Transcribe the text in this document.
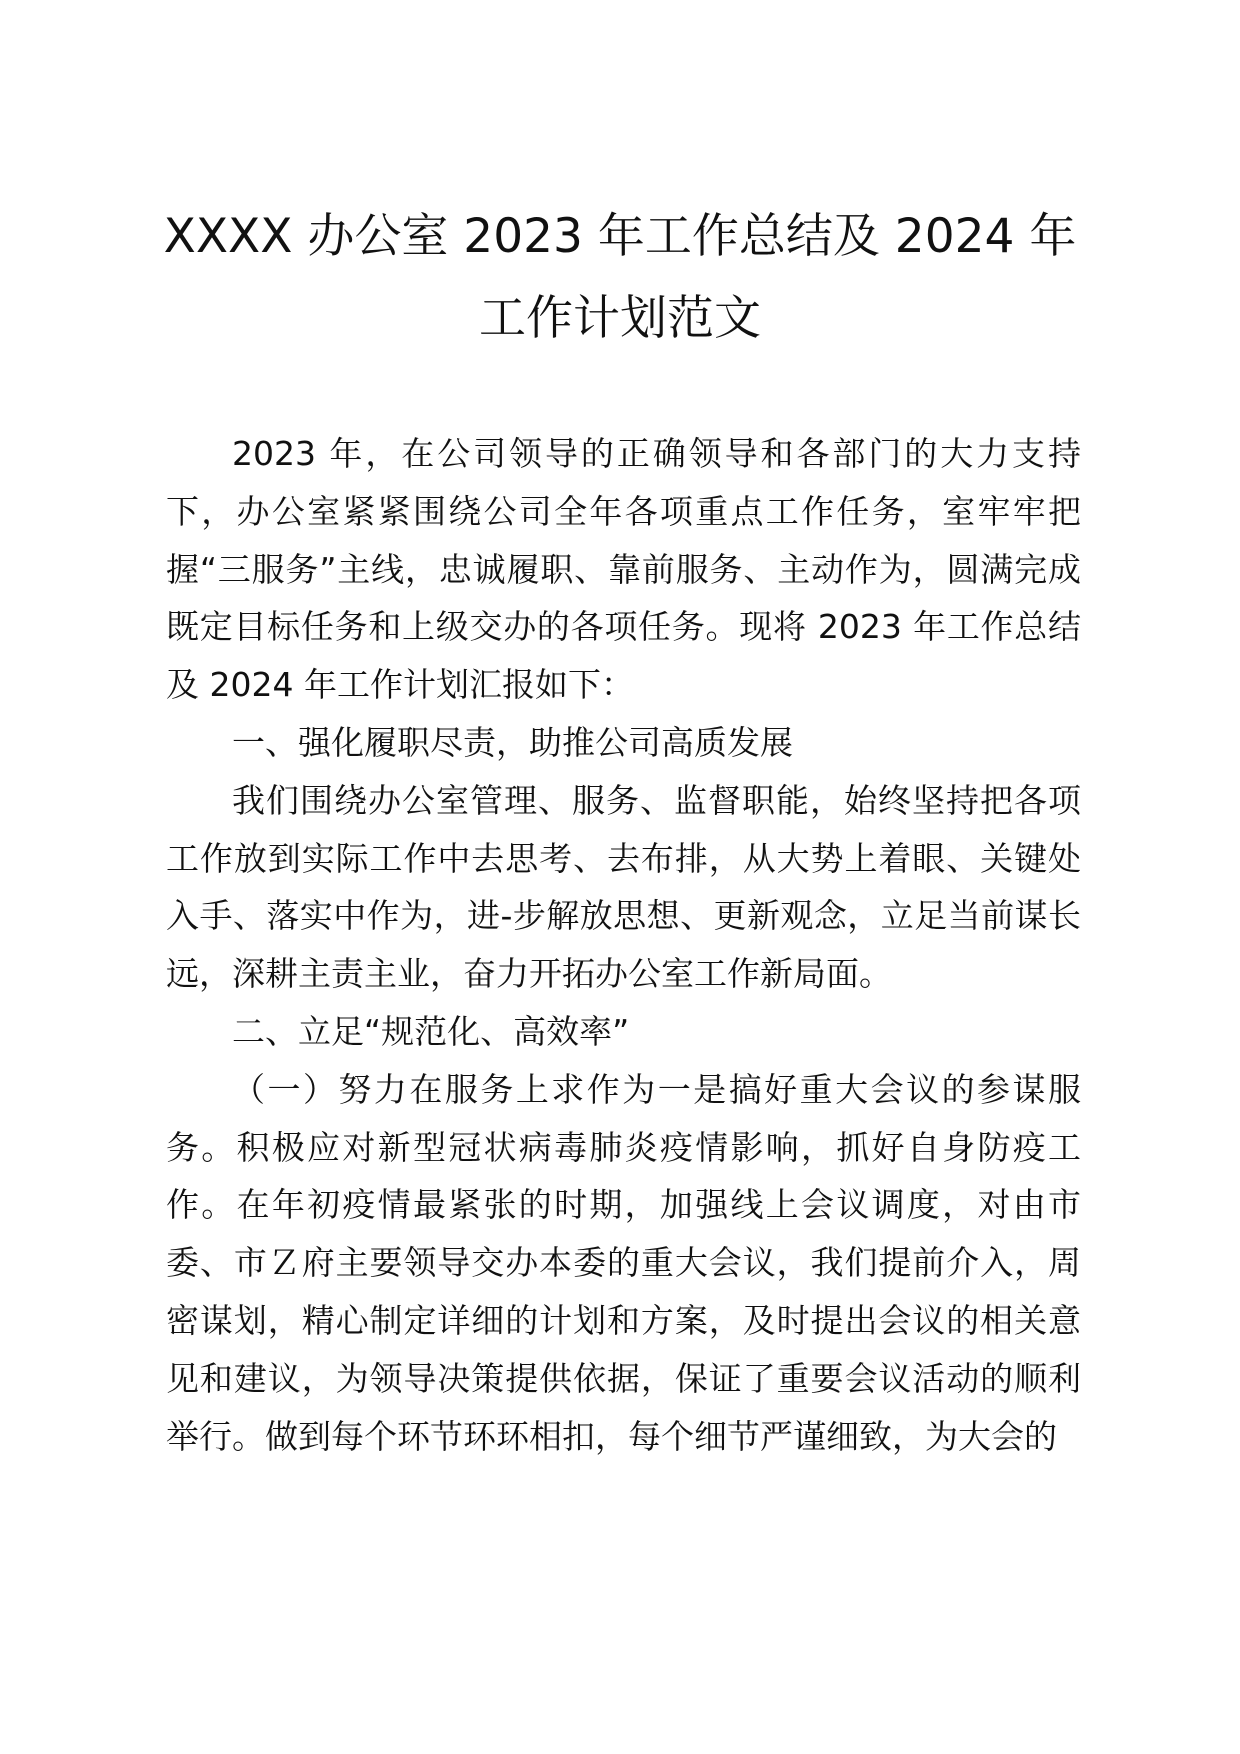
XXXX 办公室 2023 年工作总结及 2024 年工作计划范文

2023 年，在公司领导的正确领导和各部门的大力支持下，办公室紧紧围绕公司全年各项重点工作任务，室牢牢把握“三服务”主线，忠诚履职、靠前服务、主动作为，圆满完成既定目标任务和上级交办的各项任务。现将 2023 年工作总结及 2024 年工作计划汇报如下：

一、强化履职尽责，助推公司高质发展

我们围绕办公室管理、服务、监督职能，始终坚持把各项工作放到实际工作中去思考、去布排，从大势上着眼、关键处入手、落实中作为，进-步解放思想、更新观念，立足当前谋长远，深耕主责主业，奋力开拓办公室工作新局面。

二、立足“规范化、高效率”

（一）努力在服务上求作为一是搞好重大会议的参谋服务。积极应对新型冠状病毒肺炎疫情影响，抓好自身防疫工作。在年初疫情最紧张的时期，加强线上会议调度，对由市委、市Ｚ府主要领导交办本委的重大会议，我们提前介入，周密谋划，精心制定详细的计划和方案，及时提出会议的相关意见和建议，为领导决策提供依据，保证了重要会议活动的顺利举行。做到每个环节环环相扣，每个细节严谨细致，为大会的
